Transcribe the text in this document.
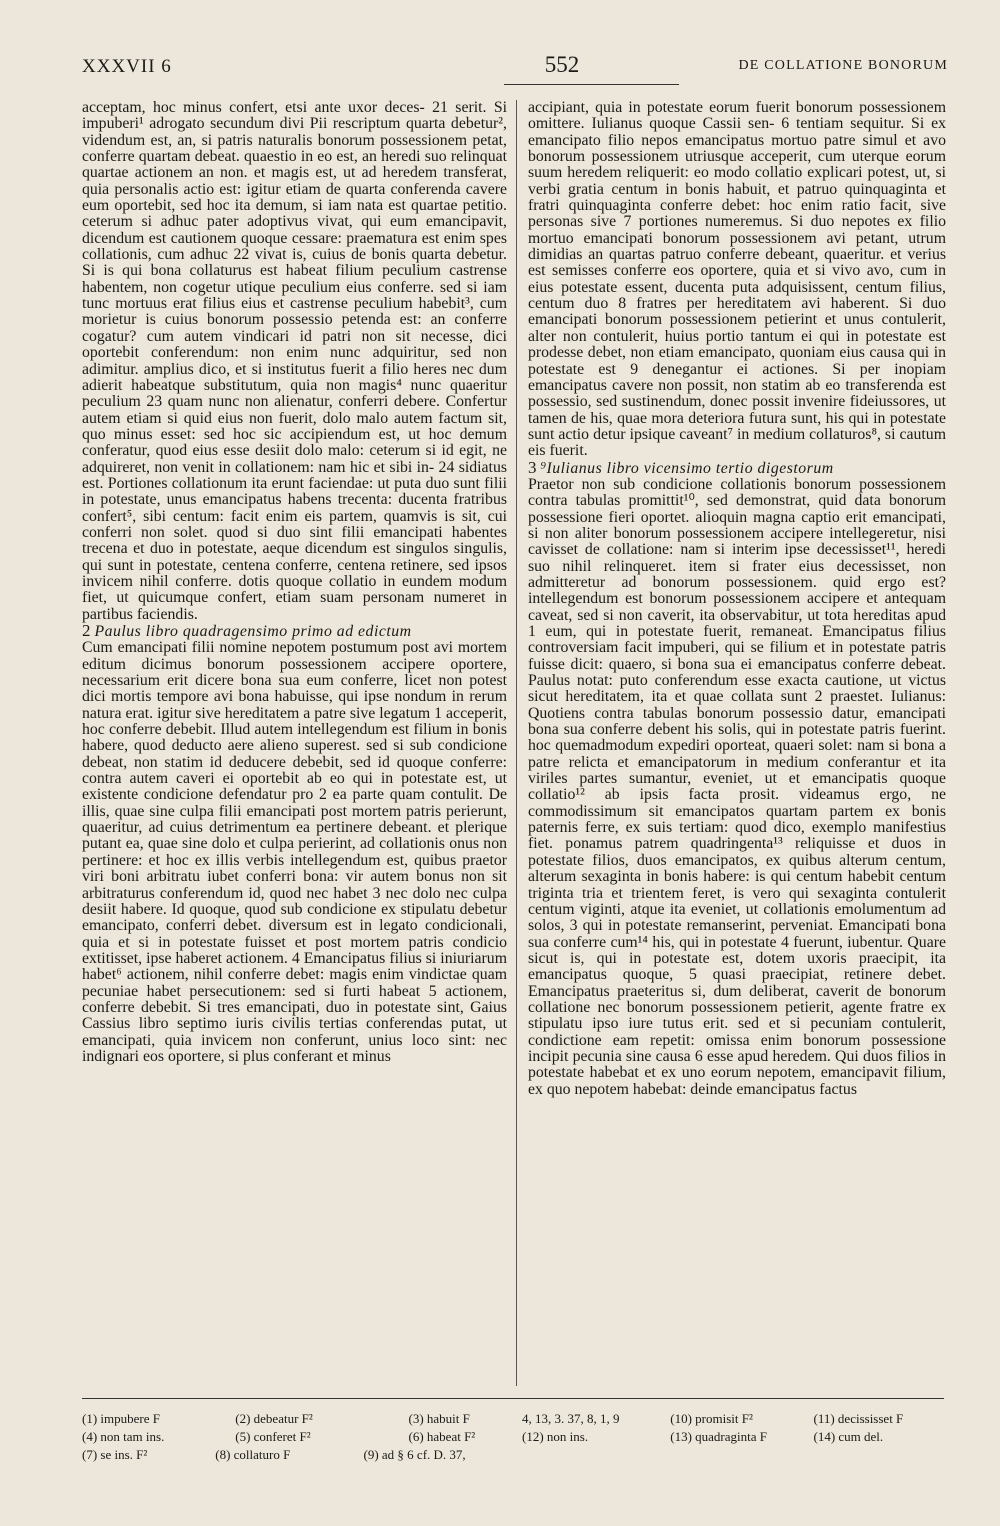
XXXVII 6	552	DE COLLATIONE BONORUM

acceptam, hoc minus confert, etsi ante uxor deces- 21 serit. Si impuberi¹ adrogato secundum divi Pii rescriptum quarta debetur², videndum est, an, si patris naturalis bonorum possessionem petat, conferre quartam debeat. quaestio in eo est, an heredi suo relinquat quartae actionem an non. et magis est, ut ad heredem transferat, quia personalis actio est: igitur etiam de quarta conferenda cavere eum oportebit, sed hoc ita demum, si iam nata est quartae petitio. ceterum si adhuc pater adoptivus vivat, qui eum emancipavit, dicendum est cautionem quoque cessare: praematura est enim spes collationis, cum adhuc 22 vivat is, cuius de bonis quarta debetur. Si is qui bona collaturus est habeat filium peculium castrense habentem, non cogetur utique peculium eius conferre. sed si iam tunc mortuus erat filius eius et castrense peculium habebit³, cum morietur is cuius bonorum possessio petenda est: an conferre cogatur? cum autem vindicari id patri non sit necesse, dici oportebit conferendum: non enim nunc adquiritur, sed non adimitur. amplius dico, et si institutus fuerit a filio heres nec dum adierit habeatque substitutum, quia non magis⁴ nunc quaeritur peculium 23 quam nunc non alienatur, conferri debere. Confertur autem etiam si quid eius non fuerit, dolo malo autem factum sit, quo minus esset: sed hoc sic accipiendum est, ut hoc demum conferatur, quod eius esse desiit dolo malo: ceterum si id egit, ne adquireret, non venit in collationem: nam hic et sibi in- 24 sidiatus est. Portiones collationum ita erunt faciendae: ut puta duo sunt filii in potestate, unus emancipatus habens trecenta: ducenta fratribus confert⁵, sibi centum: facit enim eis partem, quamvis is sit, cui conferri non solet. quod si duo sint filii emancipati habentes trecena et duo in potestate, aeque dicendum est singulos singulis, qui sunt in potestate, centena conferre, centena retinere, sed ipsos invicem nihil conferre. dotis quoque collatio in eundem modum fiet, ut quicumque confert, etiam suam personam numeret in partibus faciendis.

2 Paulus libro quadragensimo primo ad edictum

Cum emancipati filii nomine nepotem postumum post avi mortem editum dicimus bonorum possessionem accipere oportere, necessarium erit dicere bona sua eum conferre, licet non potest dici mortis tempore avi bona habuisse, qui ipse nondum in rerum natura erat. igitur sive hereditatem a patre sive legatum 1 acceperit, hoc conferre debebit. Illud autem intellegendum est filium in bonis habere, quod deducto aere alieno superest. sed si sub condicione debeat, non statim id deducere debebit, sed id quoque conferre: contra autem caveri ei oportebit ab eo qui in potestate est, ut existente condicione defendatur pro 2 ea parte quam contulit. De illis, quae sine culpa filii emancipati post mortem patris perierunt, quaeritur, ad cuius detrimentum ea pertinere debeant. et plerique putant ea, quae sine dolo et culpa perierint, ad collationis onus non pertinere: et hoc ex illis verbis intellegendum est, quibus praetor viri boni arbitratu iubet conferri bona: vir autem bonus non sit arbitraturus conferendum id, quod nec habet 3 nec dolo nec culpa desiit habere. Id quoque, quod sub condicione ex stipulatu debetur emancipato, conferri debet. diversum est in legato condicionali, quia et si in potestate fuisset et post mortem patris condicio extitisset, ipse haberet actionem. 4 Emancipatus filius si iniuriarum habet⁶ actionem, nihil conferre debet: magis enim vindictae quam pecuniae habet persecutionem: sed si furti habeat 5 actionem, conferre debebit. Si tres emancipati, duo in potestate sint, Gaius Cassius libro septimo iuris civilis tertias conferendas putat, ut emancipati, quia invicem non conferunt, unius loco sint: nec indignari eos oportere, si plus conferant et minus

accipiant, quia in potestate eorum fuerit bonorum possessionem omittere. Iulianus quoque Cassii sen- 6 tentiam sequitur. Si ex emancipato filio nepos emancipatus mortuo patre simul et avo bonorum possessionem utriusque acceperit, cum uterque eorum suum heredem reliquerit: eo modo collatio explicari potest, ut, si verbi gratia centum in bonis habuit, et patruo quinquaginta et fratri quinquaginta conferre debet: hoc enim ratio facit, sive personas sive 7 portiones numeremus. Si duo nepotes ex filio mortuo emancipati bonorum possessionem avi petant, utrum dimidias an quartas patruo conferre debeant, quaeritur. et verius est semisses conferre eos oportere, quia et si vivo avo, cum in eius potestate essent, ducenta puta adquisissent, centum filius, centum duo 8 fratres per hereditatem avi haberent. Si duo emancipati bonorum possessionem petierint et unus contulerit, alter non contulerit, huius portio tantum ei qui in potestate est prodesse debet, non etiam emancipato, quoniam eius causa qui in potestate est 9 denegantur ei actiones. Si per inopiam emancipatus cavere non possit, non statim ab eo transferenda est possessio, sed sustinendum, donec possit invenire fideiussores, ut tamen de his, quae mora deteriora futura sunt, his qui in potestate sunt actio detur ipsique caveant⁷ in medium collaturos⁸, si cautum eis fuerit.

3 ⁹Iulianus libro vicensimo tertio digestorum

Praetor non sub condicione collationis bonorum possessionem contra tabulas promittit¹⁰, sed demonstrat, quid data bonorum possessione fieri oportet. alioquin magna captio erit emancipati, si non aliter bonorum possessionem accipere intellegeretur, nisi cavisset de collatione: nam si interim ipse decessisset¹¹, heredi suo nihil relinqueret. item si frater eius decessisset, non admitteretur ad bonorum possessionem. quid ergo est? intellegendum est bonorum possessionem accipere et antequam caveat, sed si non caverit, ita observabitur, ut tota hereditas apud 1 eum, qui in potestate fuerit, remaneat. Emancipatus filius controversiam facit impuberi, qui se filium et in potestate patris fuisse dicit: quaero, si bona sua ei emancipatus conferre debeat. Paulus notat: puto conferendum esse exacta cautione, ut victus sicut hereditatem, ita et quae collata sunt 2 praestet. Iulianus: Quotiens contra tabulas bonorum possessio datur, emancipati bona sua conferre debent his solis, qui in potestate patris fuerint. hoc quemadmodum expediri oporteat, quaeri solet: nam si bona a patre relicta et emancipatorum in medium conferantur et ita viriles partes sumantur, eveniet, ut et emancipatis quoque collatio¹² ab ipsis facta prosit. videamus ergo, ne commodissimum sit emancipatos quartam partem ex bonis paternis ferre, ex suis tertiam: quod dico, exemplo manifestius fiet. ponamus patrem quadringenta¹³ reliquisse et duos in potestate filios, duos emancipatos, ex quibus alterum centum, alterum sexaginta in bonis habere: is qui centum habebit centum triginta tria et trientem feret, is vero qui sexaginta contulerit centum viginti, atque ita eveniet, ut collationis emolumentum ad solos, 3 qui in potestate remanserint, perveniat. Emancipati bona sua conferre cum¹⁴ his, qui in potestate 4 fuerunt, iubentur. Quare sicut is, qui in potestate est, dotem uxoris praecipit, ita emancipatus quoque, 5 quasi praecipiat, retinere debet. Emancipatus praeteritus si, dum deliberat, caverit de bonorum collatione nec bonorum possessionem petierit, agente fratre ex stipulatu ipso iure tutus erit. sed et si pecuniam contulerit, condictione eam repetit: omissa enim bonorum possessione incipit pecunia sine causa 6 esse apud heredem. Qui duos filios in potestate habebat et ex uno eorum nepotem, emancipavit filium, ex quo nepotem habebat: deinde emancipatus factus

(1) impubere F	(2) debeatur F²	(3) habuit F
(4) non tam ins.	(5) conferet F²	(6) habeat F²
(7) se ins. F²	(8) collaturo F	(9) ad § 6 cf. D. 37,
4, 13, 3. 37, 8, 1, 9	(10) promisit F²	(11) decississet F
(12) non ins.	(13) quadraginta F	(14) cum del.
